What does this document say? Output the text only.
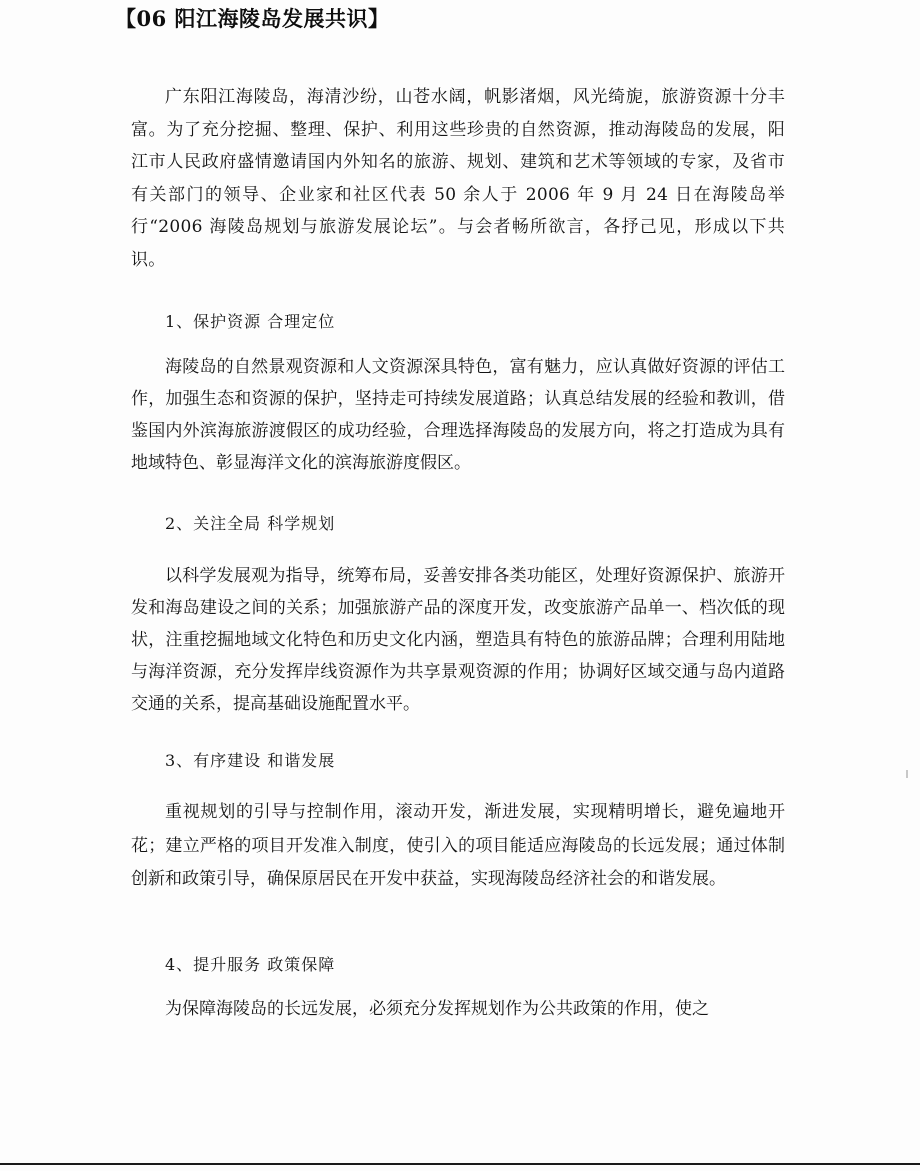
【06 阳江海陵岛发展共识】

广东阳江海陵岛，海清沙纷，山苍水阔，帆影渚烟，风光绮旎，旅游资源十分丰富。为了充分挖掘、整理、保护、利用这些珍贵的自然资源，推动海陵岛的发展，阳江市人民政府盛情邀请国内外知名的旅游、规划、建筑和艺术等领域的专家，及省市有关部门的领导、企业家和社区代表 50 余人于 2006 年 9 月 24 日在海陵岛举行“2006 海陵岛规划与旅游发展论坛”。与会者畅所欲言，各抒己见，形成以下共识。

1、保护资源 合理定位

海陵岛的自然景观资源和人文资源深具特色，富有魅力，应认真做好资源的评估工作，加强生态和资源的保护，坚持走可持续发展道路；认真总结发展的经验和教训，借鉴国内外滨海旅游渡假区的成功经验，合理选择海陵岛的发展方向，将之打造成为具有地域特色、彰显海洋文化的滨海旅游度假区。

2、关注全局 科学规划

以科学发展观为指导，统筹布局，妥善安排各类功能区，处理好资源保护、旅游开发和海岛建设之间的关系；加强旅游产品的深度开发，改变旅游产品单一、档次低的现状，注重挖掘地域文化特色和历史文化内涵，塑造具有特色的旅游品牌；合理利用陆地与海洋资源，充分发挥岸线资源作为共享景观资源的作用；协调好区域交通与岛内道路交通的关系，提高基础设施配置水平。

3、有序建设 和谐发展

重视规划的引导与控制作用，滚动开发，渐进发展，实现精明增长，避免遍地开花；建立严格的项目开发准入制度，使引入的项目能适应海陵岛的长远发展；通过体制创新和政策引导，确保原居民在开发中获益，实现海陵岛经济社会的和谐发展。

4、提升服务 政策保障

为保障海陵岛的长远发展，必须充分发挥规划作为公共政策的作用，使之
